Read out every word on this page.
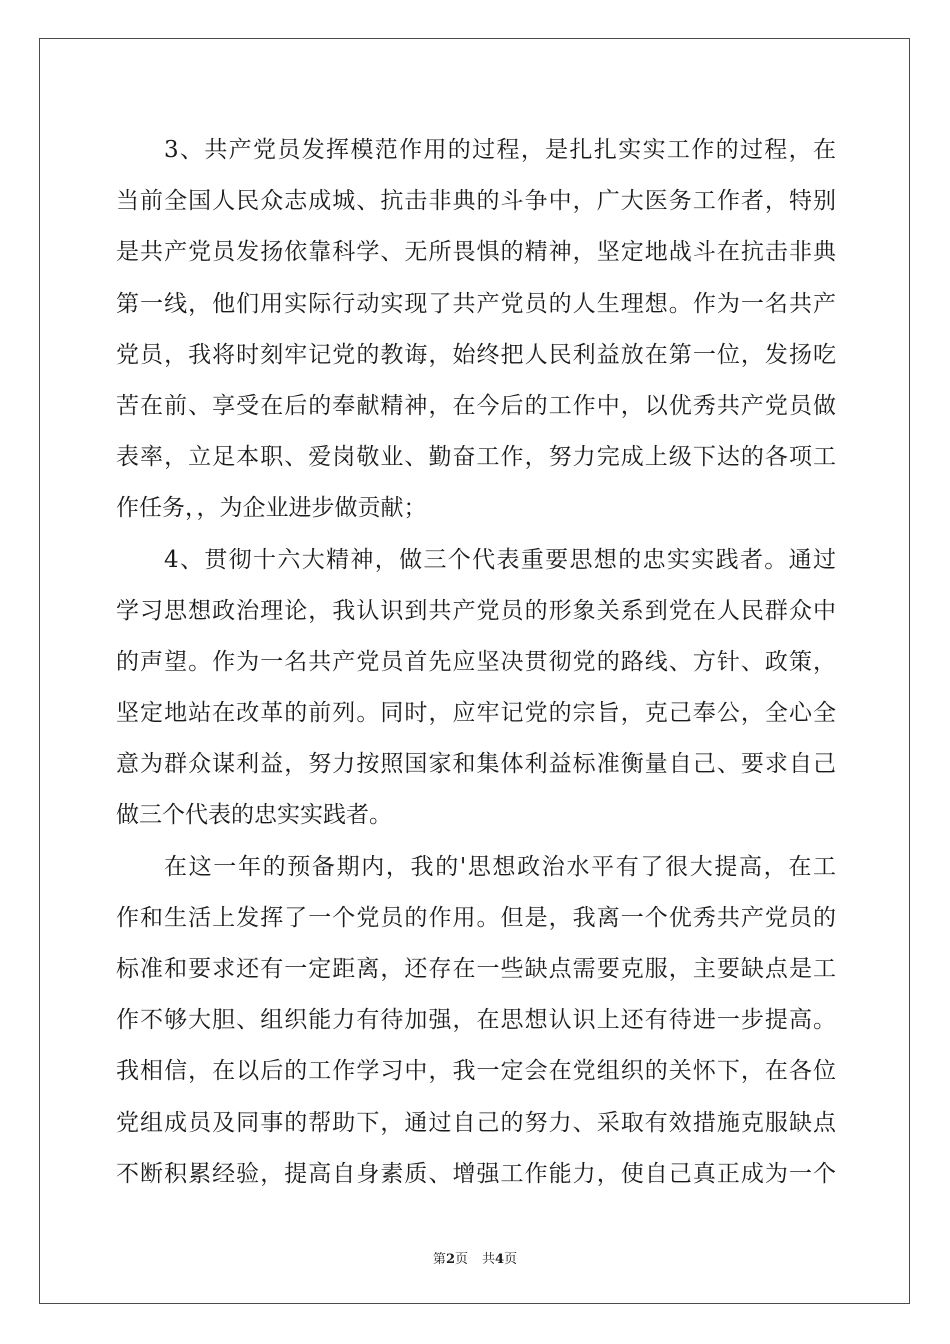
3、共产党员发挥模范作用的过程，是扎扎实实工作的过程，在
当前全国人民众志成城、抗击非典的斗争中，广大医务工作者，特别
是共产党员发扬依靠科学、无所畏惧的精神，坚定地战斗在抗击非典
第一线，他们用实际行动实现了共产党员的人生理想。作为一名共产
党员，我将时刻牢记党的教诲，始终把人民利益放在第一位，发扬吃
苦在前、享受在后的奉献精神，在今后的工作中，以优秀共产党员做
表率，立足本职、爱岗敬业、勤奋工作，努力完成上级下达的各项工
作任务，，为企业进步做贡献；
4、贯彻十六大精神，做三个代表重要思想的忠实实践者。通过
学习思想政治理论，我认识到共产党员的形象关系到党在人民群众中
的声望。作为一名共产党员首先应坚决贯彻党的路线、方针、政策，
坚定地站在改革的前列。同时，应牢记党的宗旨，克己奉公，全心全
意为群众谋利益，努力按照国家和集体利益标准衡量自己、要求自己
做三个代表的忠实实践者。
在这一年的预备期内，我的'思想政治水平有了很大提高，在工
作和生活上发挥了一个党员的作用。但是，我离一个优秀共产党员的
标准和要求还有一定距离，还存在一些缺点需要克服，主要缺点是工
作不够大胆、组织能力有待加强，在思想认识上还有待进一步提高。
我相信，在以后的工作学习中，我一定会在党组织的关怀下，在各位
党组成员及同事的帮助下，通过自己的努力、采取有效措施克服缺点
不断积累经验，提高自身素质、增强工作能力，使自己真正成为一个
第2页 共4页
